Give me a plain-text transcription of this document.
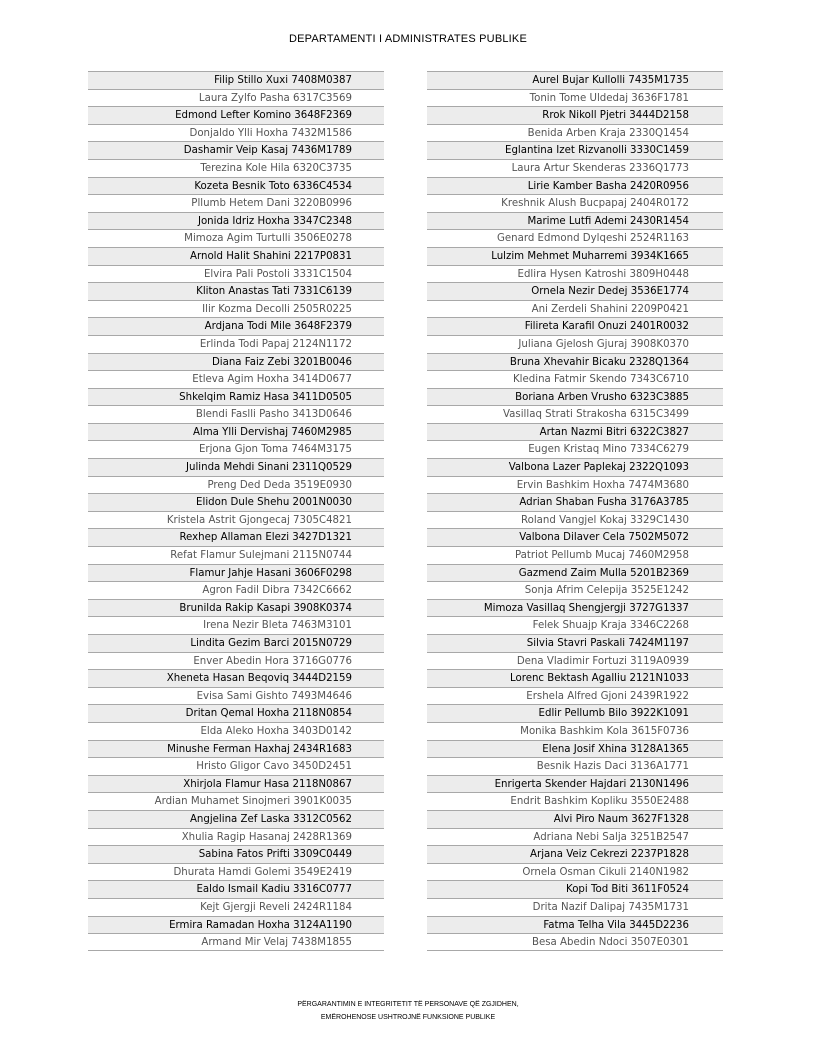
DEPARTAMENTI I ADMINISTRATES PUBLIKE
Filip Stillo Xuxi 7408M0387
Laura Zylfo Pasha 6317C3569
Edmond Lefter Komino 3648F2369
Donjaldo Ylli Hoxha 7432M1586
Dashamir Veip Kasaj 7436M1789
Terezina Kole Hila 6320C3735
Kozeta Besnik Toto 6336C4534
Pllumb Hetem Dani 3220B0996
Jonida Idriz Hoxha 3347C2348
Mimoza Agim Turtulli 3506E0278
Arnold Halit Shahini 2217P0831
Elvira Pali Postoli 3331C1504
Kliton Anastas Tati 7331C6139
Ilir Kozma Decolli 2505R0225
Ardjana Todi Mile 3648F2379
Erlinda Todi Papaj 2124N1172
Diana Faiz Zebi 3201B0046
Etleva Agim Hoxha 3414D0677
Shkelqim Ramiz Hasa 3411D0505
Blendi Faslli Pasho 3413D0646
Alma Ylli Dervishaj 7460M2985
Erjona Gjon Toma 7464M3175
Julinda Mehdi Sinani 2311Q0529
Preng Ded Deda 3519E0930
Elidon Dule Shehu 2001N0030
Kristela Astrit Gjongecaj 7305C4821
Rexhep Allaman Elezi 3427D1321
Refat Flamur Sulejmani 2115N0744
Flamur Jahje Hasani 3606F0298
Agron Fadil Dibra 7342C6662
Brunilda Rakip Kasapi 3908K0374
Irena Nezir Bleta 7463M3101
Lindita Gezim Barci 2015N0729
Enver Abedin Hora 3716G0776
Xheneta Hasan Beqoviq 3444D2159
Evisa Sami Gishto 7493M4646
Dritan Qemal Hoxha 2118N0854
Elda Aleko Hoxha 3403D0142
Minushe Ferman Haxhaj 2434R1683
Hristo Gligor Cavo 3450D2451
Xhirjola Flamur Hasa 2118N0867
Ardian Muhamet Sinojmeri 3901K0035
Angjelina Zef Laska 3312C0562
Xhulia Ragip Hasanaj 2428R1369
Sabina Fatos Prifti 3309C0449
Dhurata Hamdi Golemi 3549E2419
Ealdo Ismail Kadiu 3316C0777
Kejt Gjergji Reveli 2424R1184
Ermira Ramadan Hoxha 3124A1190
Armand Mir Velaj 7438M1855
Aurel Bujar Kullolli 7435M1735
Tonin Tome Uldedaj 3636F1781
Rrok Nikoll Pjetri 3444D2158
Benida Arben Kraja 2330Q1454
Eglantina Izet Rizvanolli 3330C1459
Laura Artur Skenderas 2336Q1773
Lirie Kamber Basha 2420R0956
Kreshnik Alush Bucpapaj 2404R0172
Marime Lutfi Ademi 2430R1454
Genard Edmond Dylqeshi 2524R1163
Lulzim Mehmet Muharremi 3934K1665
Edlira Hysen Katroshi 3809H0448
Ornela Nezir Dedej 3536E1774
Ani Zerdeli Shahini 2209P0421
Filireta Karafil Onuzi 2401R0032
Juliana Gjelosh Gjuraj 3908K0370
Bruna Xhevahir Bicaku 2328Q1364
Kledina Fatmir Skendo 7343C6710
Boriana Arben Vrusho 6323C3885
Vasillaq Strati Strakosha 6315C3499
Artan Nazmi Bitri 6322C3827
Eugen Kristaq Mino 7334C6279
Valbona Lazer Paplekaj 2322Q1093
Ervin Bashkim Hoxha 7474M3680
Adrian Shaban Fusha 3176A3785
Roland Vangjel Kokaj 3329C1430
Valbona Dilaver Cela 7502M5072
Patriot Pellumb Mucaj 7460M2958
Gazmend Zaim Mulla 5201B2369
Sonja Afrim Celepija 3525E1242
Mimoza Vasillaq Shengjergji 3727G1337
Felek Shuajp Kraja 3346C2268
Silvia Stavri Paskali 7424M1197
Dena Vladimir Fortuzi 3119A0939
Lorenc Bektash Agalliu 2121N1033
Ershela Alfred Gjoni 2439R1922
Edlir Pellumb Bilo 3922K1091
Monika Bashkim Kola 3615F0736
Elena Josif Xhina 3128A1365
Besnik Hazis Daci 3136A1771
Enrigerta Skender Hajdari 2130N1496
Endrit Bashkim Kopliku 3550E2488
Alvi Piro Naum 3627F1328
Adriana Nebi Salja 3251B2547
Arjana Veiz Cekrezi 2237P1828
Ornela Osman Cikuli 2140N1982
Kopi Tod Biti 3611F0524
Drita Nazif Dalipaj 7435M1731
Fatma Telha Vila 3445D2236
Besa Abedin Ndoci 3507E0301
PËRGARANTIMIN E INTEGRITETIT TË PERSONAVE QË ZGJIDHEN,
EMËROHENOSE USHTROJNË FUNKSIONE PUBLIKE
